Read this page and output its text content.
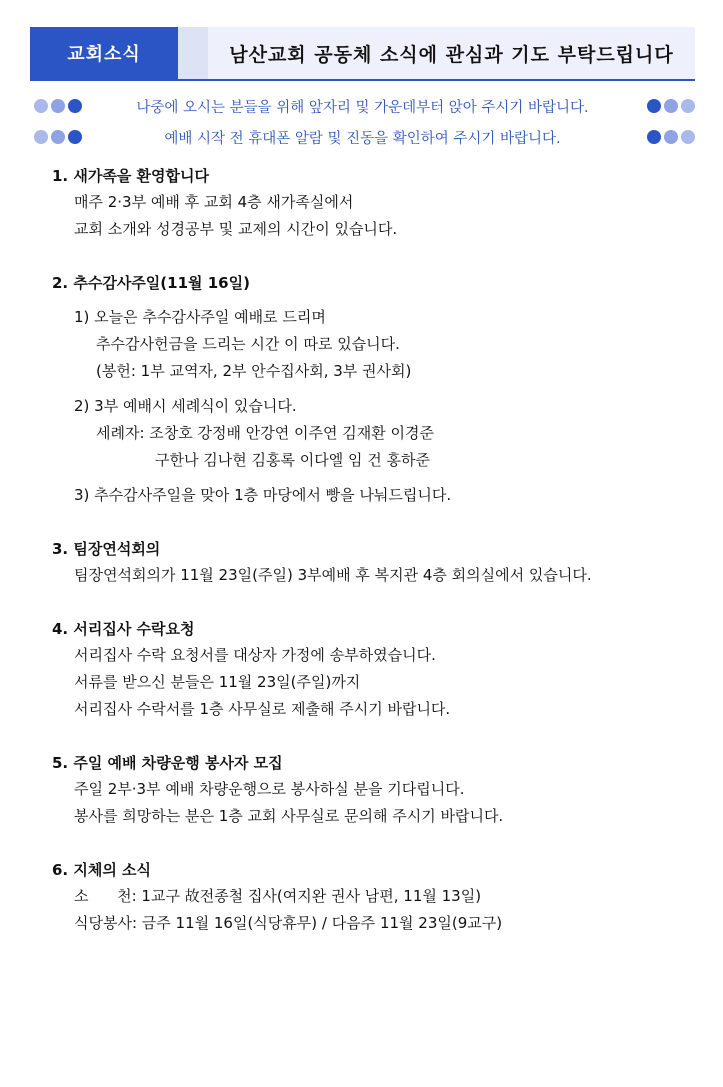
교회소식	남산교회 공동체 소식에 관심과 기도 부탁드립니다
나중에 오시는 분들을 위해 앞자리 및 가운데부터 앉아 주시기 바랍니다.
예배 시작 전 휴대폰 알람 및 진동을 확인하여 주시기 바랍니다.
1. 새가족을 환영합니다
매주 2·3부 예배 후 교회 4층 새가족실에서
교회 소개와 성경공부 및 교제의 시간이 있습니다.
2. 추수감사주일(11월 16일)
1) 오늘은 추수감사주일 예배로 드리며
추수감사헌금을 드리는 시간 이 따로 있습니다.
(봉헌: 1부 교역자, 2부 안수집사회, 3부 권사회)
2) 3부 예배시 세례식이 있습니다.
세례자: 조창호 강정배 안강연 이주연 김재환 이경준
구한나 김나현 김홍록 이다엘 임 건 홍하준
3) 추수감사주일을 맞아 1층 마당에서 빵을 나눠드립니다.
3. 팀장연석회의
팀장연석회의가 11월 23일(주일) 3부예배 후 복지관 4층 회의실에서 있습니다.
4. 서리집사 수락요청
서리집사 수락 요청서를 대상자 가정에 송부하였습니다.
서류를 받으신 분들은 11월 23일(주일)까지
서리집사 수락서를 1층 사무실로 제출해 주시기 바랍니다.
5. 주일 예배 차량운행 봉사자 모집
주일 2부·3부 예배 차량운행으로 봉사하실 분을 기다립니다.
봉사를 희망하는 분은 1층 교회 사무실로 문의해 주시기 바랍니다.
6. 지체의 소식
소      천: 1교구 故전종철 집사(여지완 권사 남편, 11월 13일)
식당봉사: 금주 11월 16일(식당휴무) / 다음주 11월 23일(9교구)
